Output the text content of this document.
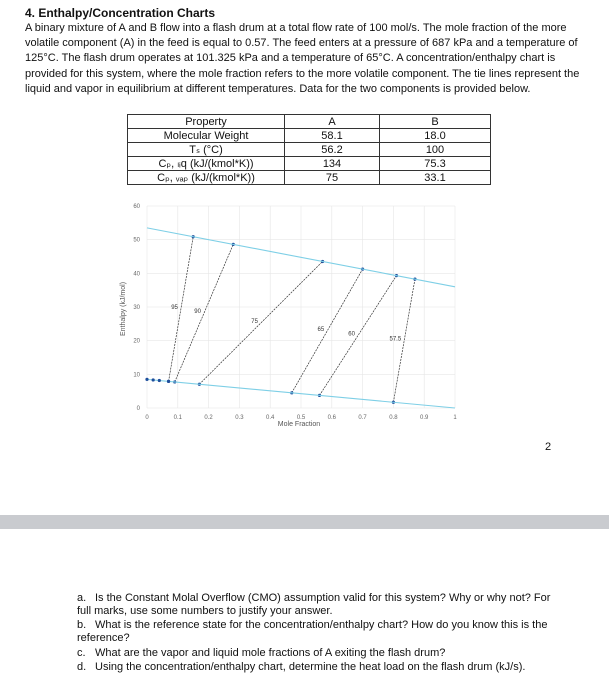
4. Enthalpy/Concentration Charts
A binary mixture of A and B flow into a flash drum at a total flow rate of 100 mol/s. The mole fraction of the more volatile component (A) in the feed is equal to 0.57. The feed enters at a pressure of 687 kPa and a temperature of 125°C. The flash drum operates at 101.325 kPa and a temperature of 65°C. A concentration/enthalpy chart is provided for this system, where the mole fraction refers to the more volatile component. The tie lines represent the liquid and vapor in equilibrium at different temperatures. Data for the two components is provided below.
Property	A	B
Molecular Weight	58.1	18.0
Tₛ (°C)	56.2	100
Cₚ, ₗᵢq (kJ/(kmol*K))	134	75.3
Cₚ, ᵥₐₚ (kJ/(kmol*K))	75	33.1
95
90
75
65
60
57.5
0	0.1	0.2	0.3	0.4	0.5	0.6	0.7	0.8	0.9	1
0
10
20
30
40
50
60
Mole Fraction
Enthalpy (kJ/mol)
2
a. Is the Constant Molal Overflow (CMO) assumption valid for this system? Why or why not? For full marks, use some numbers to justify your answer.
b. What is the reference state for the concentration/enthalpy chart? How do you know this is the reference?
c. What are the vapor and liquid mole fractions of A exiting the flash drum?
d. Using the concentration/enthalpy chart, determine the heat load on the flash drum (kJ/s).
